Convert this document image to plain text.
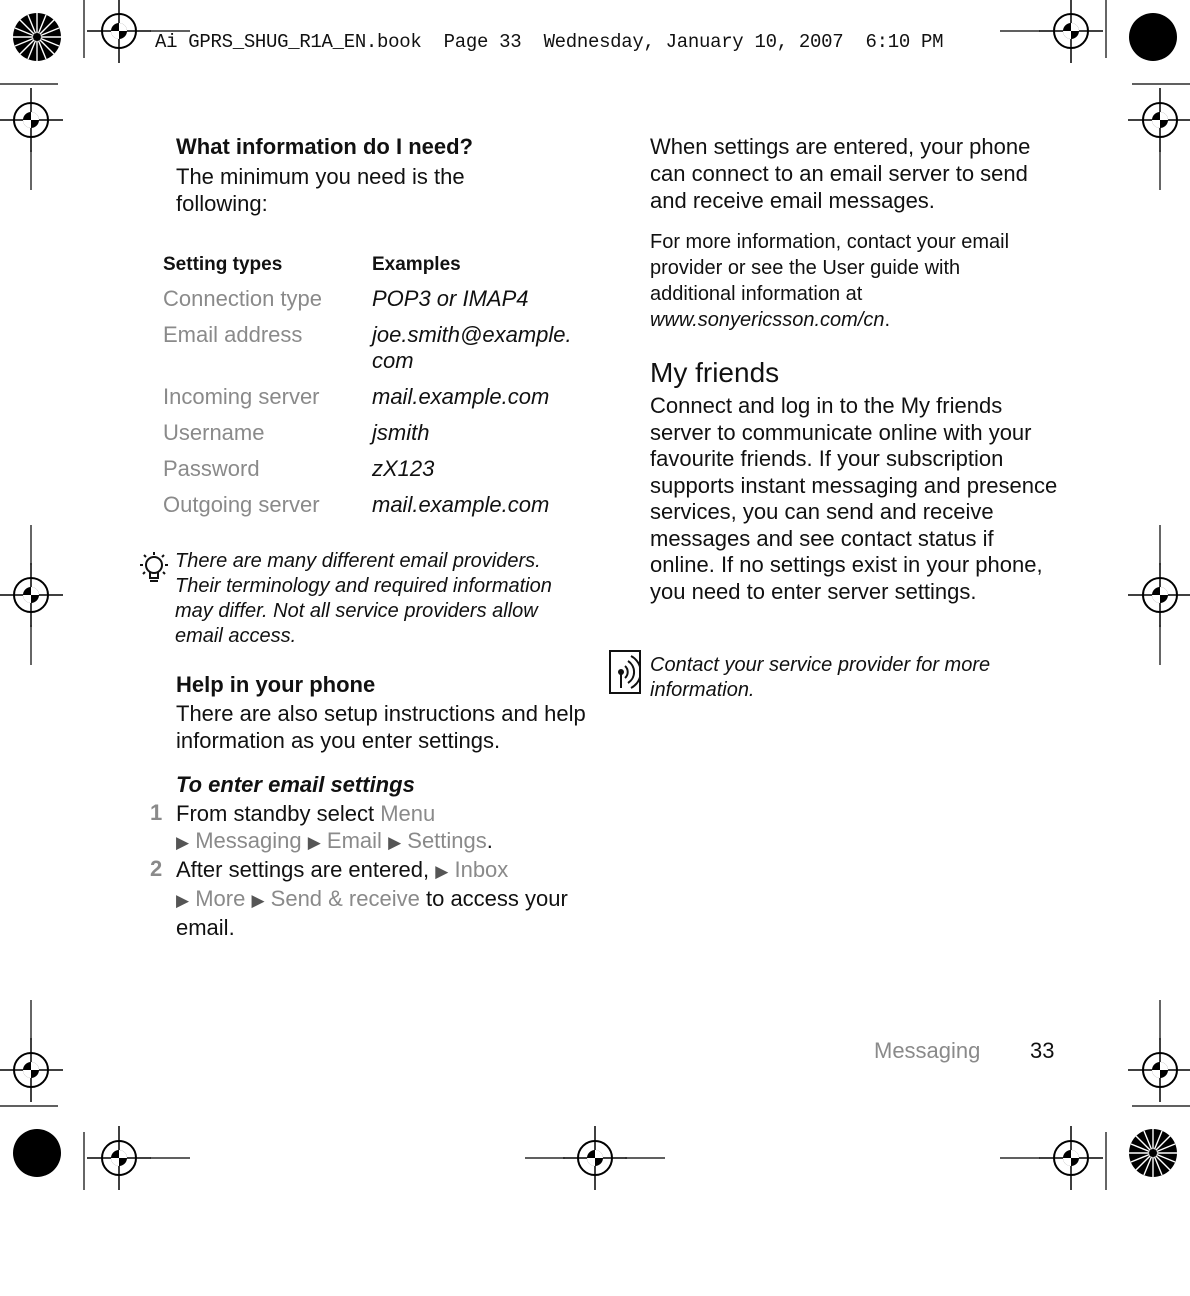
Ai GPRS_SHUG_R1A_EN.book  Page 33  Wednesday, January 10, 2007  6:10 PM
What information do I need?
The minimum you need is the following:
Setting types	Examples
Connection type	POP3 or IMAP4
Email address	joe.smith@example.com
Incoming server	mail.example.com
Username	jsmith
Password	zX123
Outgoing server	mail.example.com
There are many different email providers. Their terminology and required information may differ. Not all service providers allow email access.
Help in your phone
There are also setup instructions and help information as you enter settings.
To enter email settings
1 From standby select Menu
▶ Messaging ▶ Email ▶ Settings.
2 After settings are entered, ▶ Inbox
▶ More ▶ Send & receive to access your email.
When settings are entered, your phone can connect to an email server to send and receive email messages.
For more information, contact your email provider or see the User guide with additional information at www.sonyericsson.com/cn.
My friends
Connect and log in to the My friends server to communicate online with your favourite friends. If your subscription supports instant messaging and presence services, you can send and receive messages and see contact status if online. If no settings exist in your phone, you need to enter server settings.
Contact your service provider for more information.
Messaging 33
